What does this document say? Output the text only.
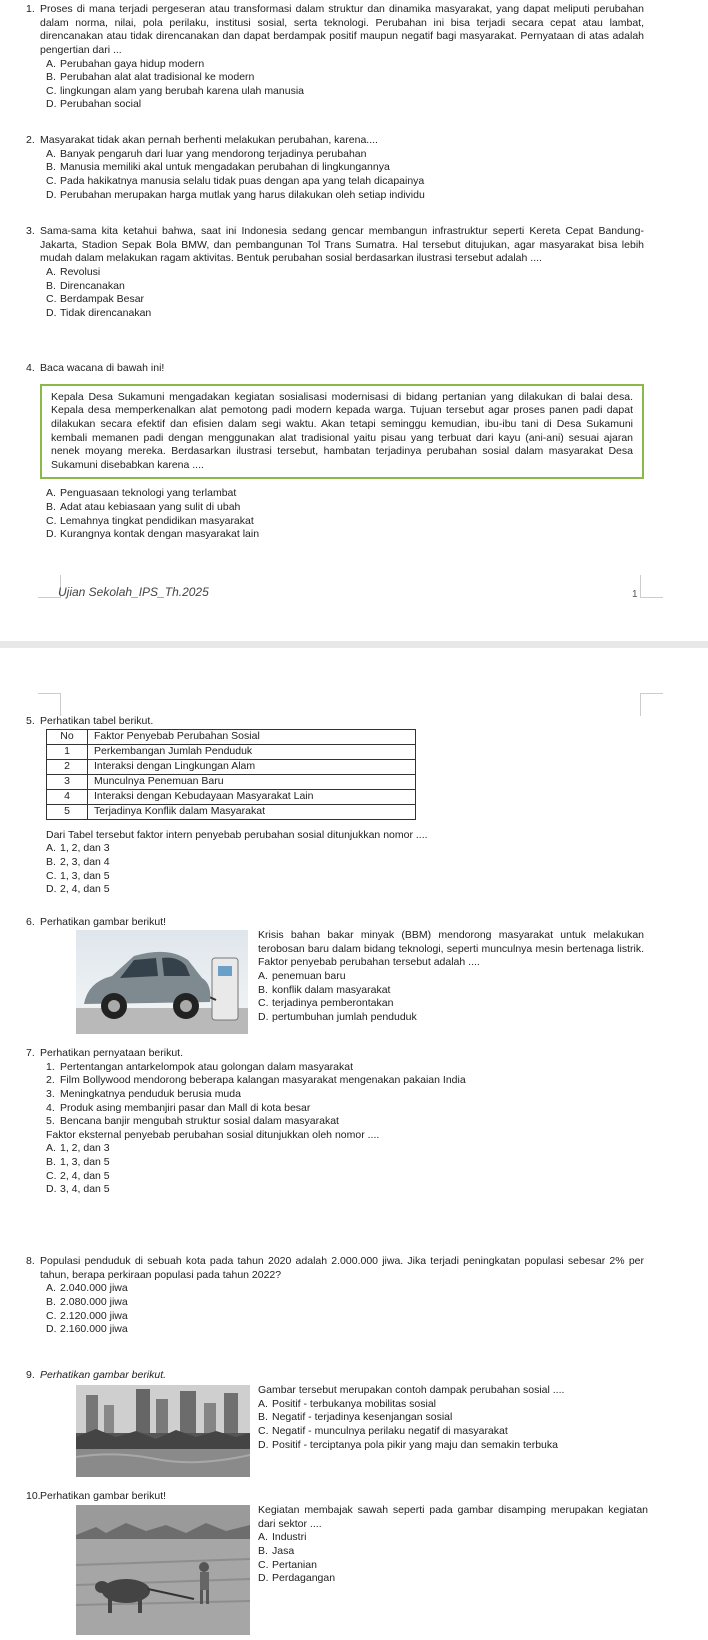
1. Proses di mana terjadi pergeseran atau transformasi dalam struktur dan dinamika masyarakat, yang dapat meliputi perubahan dalam norma, nilai, pola perilaku, institusi sosial, serta teknologi. Perubahan ini bisa terjadi secara cepat atau lambat, direncanakan atau tidak direncanakan dan dapat berdampak positif maupun negatif bagi masyarakat. Pernyataan di atas adalah pengertian dari ...

A. Perubahan gaya hidup modern
B. Perubahan alat alat tradisional ke modern
C. lingkungan alam yang berubah karena ulah manusia
D. Perubahan social

2. Masyarakat tidak akan pernah berhenti melakukan perubahan, karena....

A. Banyak pengaruh dari luar yang mendorong terjadinya perubahan
B. Manusia memiliki akal untuk mengadakan perubahan di lingkungannya
C. Pada hakikatnya manusia selalu tidak puas dengan apa yang telah dicapainya
D. Perubahan merupakan harga mutlak yang harus dilakukan oleh setiap individu

3. Sama-sama kita ketahui bahwa, saat ini Indonesia sedang gencar membangun infrastruktur seperti Kereta Cepat Bandung-Jakarta, Stadion Sepak Bola BMW, dan pembangunan Tol Trans Sumatra. Hal tersebut ditujukan, agar masyarakat bisa lebih mudah dalam melakukan ragam aktivitas. Bentuk perubahan sosial berdasarkan ilustrasi tersebut adalah ....

A. Revolusi
B. Direncanakan
C. Berdampak Besar
D. Tidak direncanakan

4. Baca wacana di bawah ini!

Kepala Desa Sukamuni mengadakan kegiatan sosialisasi modernisasi di bidang pertanian yang dilakukan di balai desa. Kepala desa memperkenalkan alat pemotong padi modern kepada warga. Tujuan tersebut agar proses panen padi dapat dilakukan secara efektif dan efisien dalam segi waktu. Akan tetapi seminggu kemudian, ibu-ibu tani di Desa Sukamuni kembali memanen padi dengan menggunakan alat tradisional yaitu pisau yang terbuat dari kayu (ani-ani) sesuai ajaran nenek moyang mereka. Berdasarkan ilustrasi tersebut, hambatan terjadinya perubahan sosial dalam masyarakat Desa Sukamuni disebabkan karena ....
A. Penguasaan teknologi yang terlambat
B. Adat atau kebiasaan yang sulit di ubah
C. Lemahnya tingkat pendidikan masyarakat
D. Kurangnya kontak dengan masyarakat lain
Ujian Sekolah_IPS_Th.2025	1

5. Perhatikan tabel berikut.

No	Faktor Penyebab Perubahan Sosial
1	Perkembangan Jumlah Penduduk
2	Interaksi dengan Lingkungan Alam
3	Munculnya Penemuan Baru
4	Interaksi dengan Kebudayaan Masyarakat Lain
5	Terjadinya Konflik dalam Masyarakat
Dari Tabel tersebut faktor intern penyebab perubahan sosial ditunjukkan nomor ....
A. 1, 2, dan 3
B. 2, 3, dan 4
C. 1, 3, dan 5
D. 2, 4, dan 5

6. Perhatikan gambar berikut!

Krisis bahan bakar minyak (BBM) mendorong masyarakat untuk melakukan terobosan baru dalam bidang teknologi, seperti munculnya mesin bertenaga listrik. Faktor penyebab perubahan tersebut adalah ....
A. penemuan baru
B. konflik dalam masyarakat
C. terjadinya pemberontakan
D. pertumbuhan jumlah penduduk

7. Perhatikan pernyataan berikut.

1. Pertentangan antarkelompok atau golongan dalam masyarakat
2. Film Bollywood mendorong beberapa kalangan masyarakat mengenakan pakaian India
3. Meningkatnya penduduk berusia muda
4. Produk asing membanjiri pasar dan Mall di kota besar
5. Bencana banjir mengubah struktur sosial dalam masyarakat
Faktor eksternal penyebab perubahan sosial ditunjukkan oleh nomor ....
A. 1, 2, dan 3
B. 1, 3, dan 5
C. 2, 4, dan 5
D. 3, 4, dan 5

8. Populasi penduduk di sebuah kota pada tahun 2020 adalah 2.000.000 jiwa. Jika terjadi peningkatan populasi sebesar 2% per tahun, berapa perkiraan populasi pada tahun 2022?

A. 2.040.000 jiwa
B. 2.080.000 jiwa
C. 2.120.000 jiwa
D. 2.160.000 jiwa

9. Perhatikan gambar berikut.

Gambar tersebut merupakan contoh dampak perubahan sosial ....
A. Positif - terbukanya mobilitas sosial
B. Negatif - terjadinya kesenjangan sosial
C. Negatif - munculnya perilaku negatif di masyarakat
D. Positif - terciptanya pola pikir yang maju dan semakin terbuka

10.Perhatikan gambar berikut!

Kegiatan membajak sawah seperti pada gambar disamping merupakan kegiatan dari sektor ....
A. Industri
B. Jasa
C. Pertanian
D. Perdagangan
